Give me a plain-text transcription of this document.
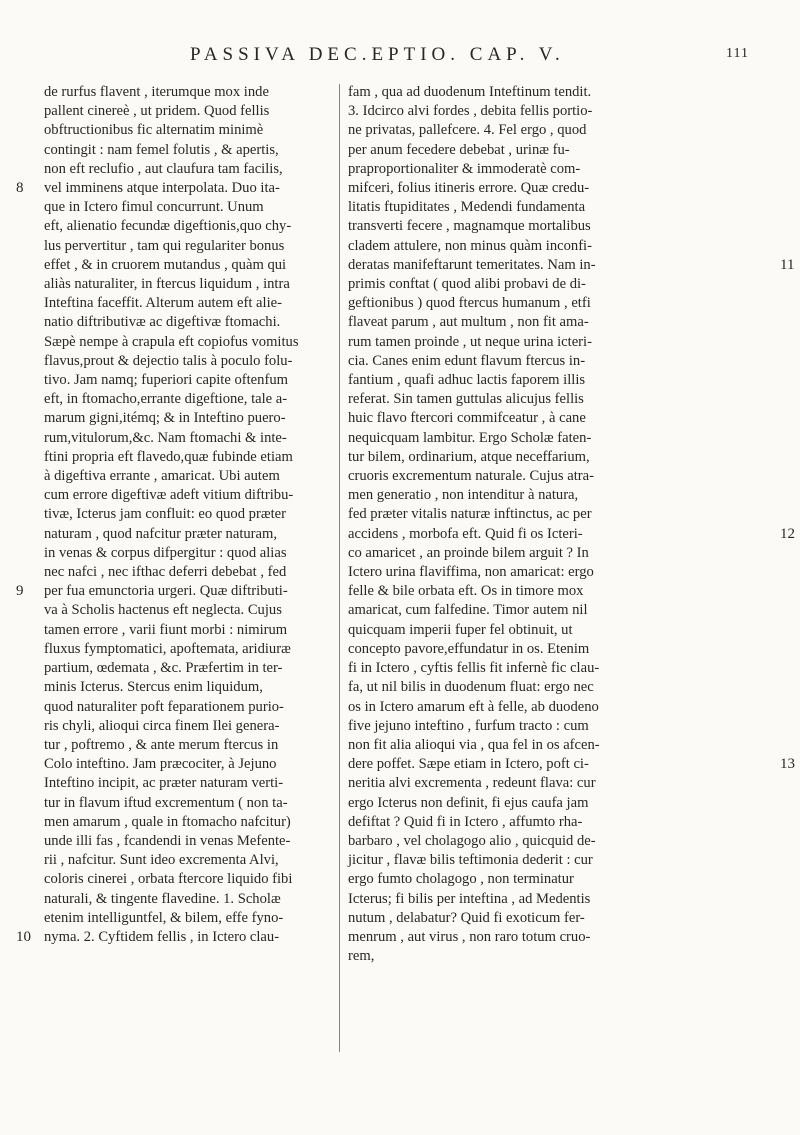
PASSIVA DEC.EPTIO. CAP. V.	111
de rurfus flavent , iterumque mox inde
pallent cinereè , ut pridem. Quod fellis
obftructionibus fic alternatim minimè
contingit : nam femel folutis , & apertis,
non eft reclufio , aut claufura tam facilis,
vel imminens atque interpolata. Duo ita-
que in Ictero fimul concurrunt. Unum
eft, alienatio fecundæ digeftionis,quo chy-
lus pervertitur , tam qui regulariter bonus
effet , & in cruorem mutandus , quàm qui
aliàs naturaliter, in ftercus liquidum , intra
Inteftina faceffit. Alterum autem eft alie-
natio diftributivæ ac digeftivæ ftomachi.
Sæpè nempe à crapula eft copiofus vomitus
flavus,prout & dejectio talis à poculo folu-
tivo. Jam namq; fuperiori capite oftenfum
eft, in ftomacho,errante digeftione, tale a-
marum gigni,itémq; & in Inteftino puero-
rum,vitulorum,&c. Nam ftomachi & inte-
ftini propria eft flavedo,quæ fubinde etiam
à digeftiva errante , amaricat. Ubi autem
cum errore digeftivæ adeft vitium diftribu-
tivæ, Icterus jam confluit: eo quod præter
naturam , quod nafcitur præter naturam,
in venas & corpus difpergitur : quod alias
nec nafci , nec ifthac deferri debebat , fed
per fua emunctoria urgeri. Quæ diftributi-
va à Scholis hactenus eft neglecta. Cujus
tamen errore , varii fiunt morbi : nimirum
fluxus fymptomatici, apoftemata, aridiuræ
partium, œdemata , &c. Præfertim in ter-
minis Icterus. Stercus enim liquidum,
quod naturaliter poft feparationem purio-
ris chyli, alioqui circa finem Ilei genera-
tur , poftremo , & ante merum ftercus in
Colo inteftino. Jam præcociter, à Jejuno
Inteftino incipit, ac præter naturam verti-
tur in flavum iftud excrementum ( non ta-
men amarum , quale in ftomacho nafcitur)
unde illi fas , fcandendi in venas Mefente-
rii , nafcitur. Sunt ideo excrementa Alvi,
coloris cinerei , orbata ftercore liquido fibi
naturali, & tingente flavedine. 1. Scholæ
etenim intelliguntfel, & bilem, effe fyno-
nyma. 2. Cyftidem fellis , in Ictero clau-
fam , qua ad duodenum Inteftinum tendit.
3. Idcirco alvi fordes , debita fellis portio-
ne privatas, pallefcere. 4. Fel ergo , quod
per anum fecedere debebat , urinæ fu-
praproportionaliter & immoderatè com-
mifceri, folius itineris errore. Quæ credu-
litatis ftupiditates , Medendi fundamenta
transverti fecere , magnamque mortalibus
cladem attulere, non minus quàm inconfi-
deratas manifeftarunt temeritates. Nam in-
primis conftat ( quod alibi probavi de di-
geftionibus ) quod ftercus humanum , etfi
flaveat parum , aut multum , non fit ama-
rum tamen proinde , ut neque urina icteri-
cia. Canes enim edunt flavum ftercus in-
fantium , quafi adhuc lactis faporem illis
referat. Sin tamen guttulas alicujus fellis
huic flavo ftercori commifceatur , à cane
nequicquam lambitur. Ergo Scholæ faten-
tur bilem, ordinarium, atque neceffarium,
cruoris excrementum naturale. Cujus atra-
men generatio , non intenditur à natura,
fed præter vitalis naturæ inftinctus, ac per
accidens , morbofa eft. Quid fi os Icteri-
co amaricet , an proinde bilem arguit ? In
Ictero urina flaviffima, non amaricat: ergo
felle & bile orbata eft. Os in timore mox
amaricat, cum falfedine. Timor autem nil
quicquam imperii fuper fel obtinuit, ut
concepto pavore,effundatur in os. Etenim
fi in Ictero , cyftis fellis fit infernè fic clau-
fa, ut nil bilis in duodenum fluat: ergo nec
os in Ictero amarum eft à felle, ab duodeno
five jejuno inteftino , furfum tracto : cum
non fit alia alioqui via , qua fel in os afcen-
dere poffet. Sæpe etiam in Ictero, poft ci-
neritia alvi excrementa , redeunt flava: cur
ergo Icterus non definit, fi ejus caufa jam
defiftat ? Quid fi in Ictero , affumto rha-
barbaro , vel cholagogo alio , quicquid de-
jicitur , flavæ bilis teftimonia dederit : cur
ergo fumto cholagogo , non terminatur
Icterus; fi bilis per inteftina , ad Medentis
nutum , delabatur? Quid fi exoticum fer-
menrum , aut virus , non raro totum cruo-
rem,
8
9
10
11
12
13
